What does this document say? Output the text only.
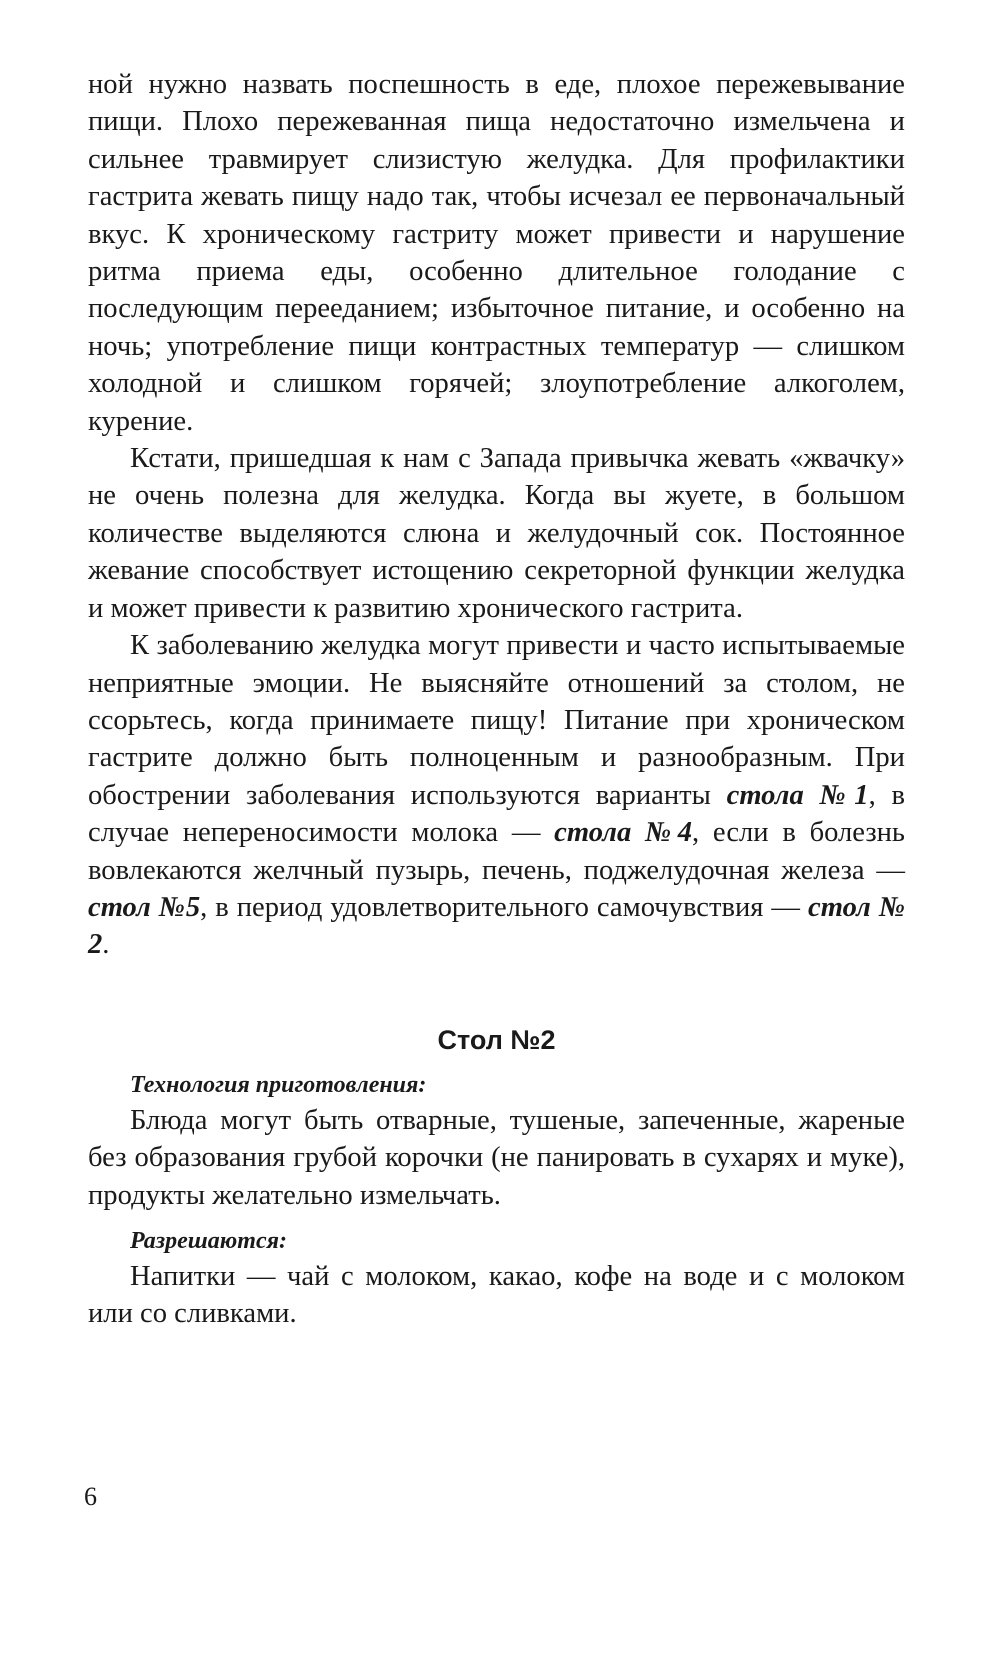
ной нужно назвать поспешность в еде, плохое пережевывание пищи. Плохо пережеванная пища недостаточно измельчена и сильнее травмирует слизистую желудка. Для профилактики гастрита жевать пищу надо так, чтобы исчезал ее первоначальный вкус. К хроническому гастриту может привести и нарушение ритма приема еды, особенно длительное голодание с последующим перееданием; избыточное питание, и особенно на ночь; употребление пищи контрастных температур — слишком холодной и слишком горячей; злоупотребление алкоголем, курение.

Кстати, пришедшая к нам с Запада привычка жевать «жвачку» не очень полезна для желудка. Когда вы жуете, в большом количестве выделяются слюна и желудочный сок. Постоянное жевание способствует истощению секреторной функции желудка и может привести к развитию хронического гастрита.

К заболеванию желудка могут привести и часто испытываемые неприятные эмоции. Не выясняйте отношений за столом, не ссорьтесь, когда принимаете пищу! Питание при хроническом гастрите должно быть полноценным и разнообразным. При обострении заболевания используются варианты стола №1, в случае непереносимости молока — стола №4, если в болезнь вовлекаются желчный пузырь, печень, поджелудочная железа — стол №5, в период удовлетворительного самочувствия — стол № 2.

Стол №2
Технология приготовления:

Блюда могут быть отварные, тушеные, запеченные, жареные без образования грубой корочки (не панировать в сухарях и муке), продукты желательно измельчать.

Разрешаются:

Напитки — чай с молоком, какао, кофе на воде и с молоком или со сливками.

6
